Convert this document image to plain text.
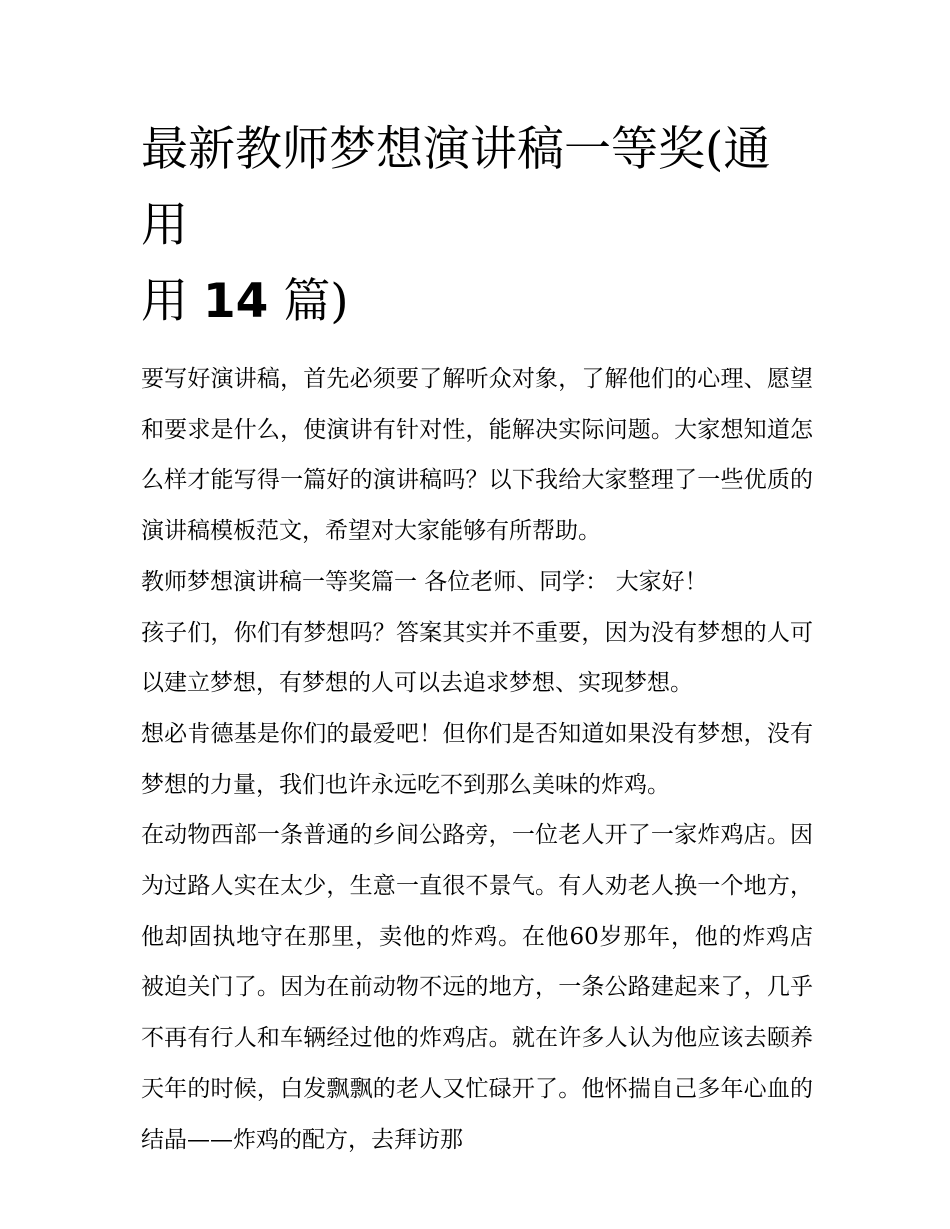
最新教师梦想演讲稿一等奖(通用
用 14 篇)

要写好演讲稿，首先必须要了解听众对象，了解他们的心理、愿望和要求是什么，使演讲有针对性，能解决实际问题。大家想知道怎么样才能写得一篇好的演讲稿吗？以下我给大家整理了一些优质的演讲稿模板范文，希望对大家能够有所帮助。

教师梦想演讲稿一等奖篇一 各位老师、同学： 大家好！

孩子们，你们有梦想吗？答案其实并不重要，因为没有梦想的人可以建立梦想，有梦想的人可以去追求梦想、实现梦想。

想必肯德基是你们的最爱吧！但你们是否知道如果没有梦想，没有梦想的力量，我们也许永远吃不到那么美味的炸鸡。

在动物西部一条普通的乡间公路旁，一位老人开了一家炸鸡店。因为过路人实在太少，生意一直很不景气。有人劝老人换一个地方，他却固执地守在那里，卖他的炸鸡。在他60岁那年，他的炸鸡店被迫关门了。因为在前动物不远的地方，一条公路建起来了，几乎不再有行人和车辆经过他的炸鸡店。就在许多人认为他应该去颐养天年的时候，白发飘飘的老人又忙碌开了。他怀揣自己多年心血的结晶——炸鸡的配方，去拜访那
